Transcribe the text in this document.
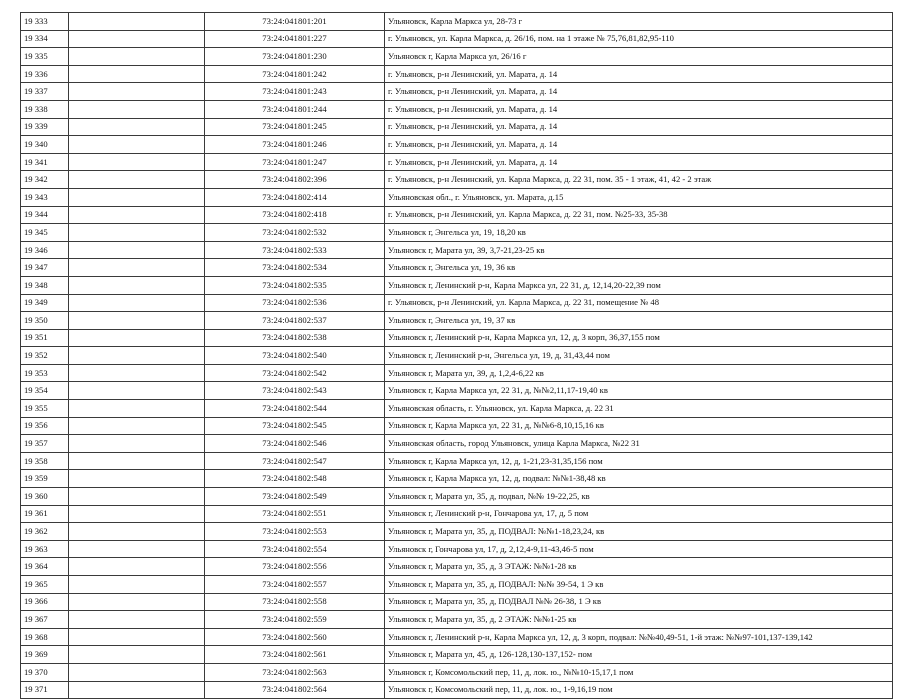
19 333		73:24:041801:201	Ульяновск, Карла Маркса ул, 28-73 г
19 334		73:24:041801:227	г. Ульяновск, ул. Карла Маркса, д. 26/16, пом. на 1 этаже № 75,76,81,82,95-110
19 335		73:24:041801:230	Ульяновск г, Карла Маркса ул, 26/16 г
19 336		73:24:041801:242	г. Ульяновск, р-н Ленинский, ул. Марата, д. 14
19 337		73:24:041801:243	г. Ульяновск, р-н Ленинский, ул. Марата, д. 14
19 338		73:24:041801:244	г. Ульяновск, р-н Ленинский, ул. Марата, д. 14
19 339		73:24:041801:245	г. Ульяновск, р-н Ленинский, ул. Марата, д. 14
19 340		73:24:041801:246	г. Ульяновск, р-н Ленинский, ул. Марата, д. 14
19 341		73:24:041801:247	г. Ульяновск, р-н Ленинский, ул. Марата, д. 14
19 342		73:24:041802:396	г. Ульяновск, р-н Ленинский, ул. Карла Маркса, д. 22 31, пом. 35 - 1 этаж, 41, 42 - 2 этаж
19 343		73:24:041802:414	Ульяновская обл., г. Ульяновск, ул. Марата, д.15
19 344		73:24:041802:418	г. Ульяновск, р-н Ленинский, ул. Карла Маркса, д. 22 31, пом. №25-33, 35-38
19 345		73:24:041802:532	Ульяновск г, Энгельса ул, 19, 18,20 кв
19 346		73:24:041802:533	Ульяновск г, Марата ул, 39, 3,7-21,23-25 кв
19 347		73:24:041802:534	Ульяновск г, Энгельса ул, 19, 36 кв
19 348		73:24:041802:535	Ульяновск г, Ленинский р-н, Карла Маркса ул, 22 31, д, 12,14,20-22,39 пом
19 349		73:24:041802:536	г. Ульяновск, р-н Ленинский, ул. Карла Маркса, д. 22 31, помещение № 48
19 350		73:24:041802:537	Ульяновск г, Энгельса ул, 19, 37 кв
19 351		73:24:041802:538	Ульяновск г, Ленинский р-н, Карла Маркса ул, 12, д, 3 корп, 36,37,155 пом
19 352		73:24:041802:540	Ульяновск г, Ленинский р-н, Энгельса ул, 19, д, 31,43,44 пом
19 353		73:24:041802:542	Ульяновск г, Марата ул, 39, д, 1,2,4-6,22 кв
19 354		73:24:041802:543	Ульяновск г, Карла Маркса ул, 22 31, д, №№2,11,17-19,40 кв
19 355		73:24:041802:544	Ульяновская область, г. Ульяновск, ул. Карла Маркса, д. 22 31
19 356		73:24:041802:545	Ульяновск г, Карла Маркса ул, 22 31, д, №№6-8,10,15,16 кв
19 357		73:24:041802:546	Ульяновская область, город Ульяновск, улица Карла Маркса, №22 31
19 358		73:24:041802:547	Ульяновск г, Карла Маркса ул, 12, д, 1-21,23-31,35,156 пом
19 359		73:24:041802:548	Ульяновск г, Карла Маркса ул, 12, д, подвал: №№1-38,48 кв
19 360		73:24:041802:549	Ульяновск г, Марата ул, 35, д, подвал, №№ 19-22,25, кв
19 361		73:24:041802:551	Ульяновск г, Ленинский р-н, Гончарова ул, 17, д, 5 пом
19 362		73:24:041802:553	Ульяновск г, Марата ул, 35, д, ПОДВАЛ: №№1-18,23,24, кв
19 363		73:24:041802:554	Ульяновск г, Гончарова ул, 17, д, 2,12,4-9,11-43,46-5 пом
19 364		73:24:041802:556	Ульяновск г, Марата ул, 35, д, 3 ЭТАЖ: №№1-28 кв
19 365		73:24:041802:557	Ульяновск г, Марата ул, 35, д, ПОДВАЛ: №№ 39-54, 1 Э кв
19 366		73:24:041802:558	Ульяновск г, Марата ул, 35, д, ПОДВАЛ №№ 26-38, 1 Э кв
19 367		73:24:041802:559	Ульяновск г, Марата ул, 35, д, 2 ЭТАЖ: №№1-25 кв
19 368		73:24:041802:560	Ульяновск г, Ленинский р-н, Карла Маркса ул, 12, д, 3 корп, подвал: №№40,49-51, 1-й этаж: №№97-101,137-139,142
19 369		73:24:041802:561	Ульяновск г, Марата ул, 45, д, 126-128,130-137,152- пом
19 370		73:24:041802:563	Ульяновск г, Комсомольский пер, 11, д, лок. ю., №№10-15,17,1 пом
19 371		73:24:041802:564	Ульяновск г, Комсомольский пер, 11, д, лок. ю., 1-9,16,19 пом
